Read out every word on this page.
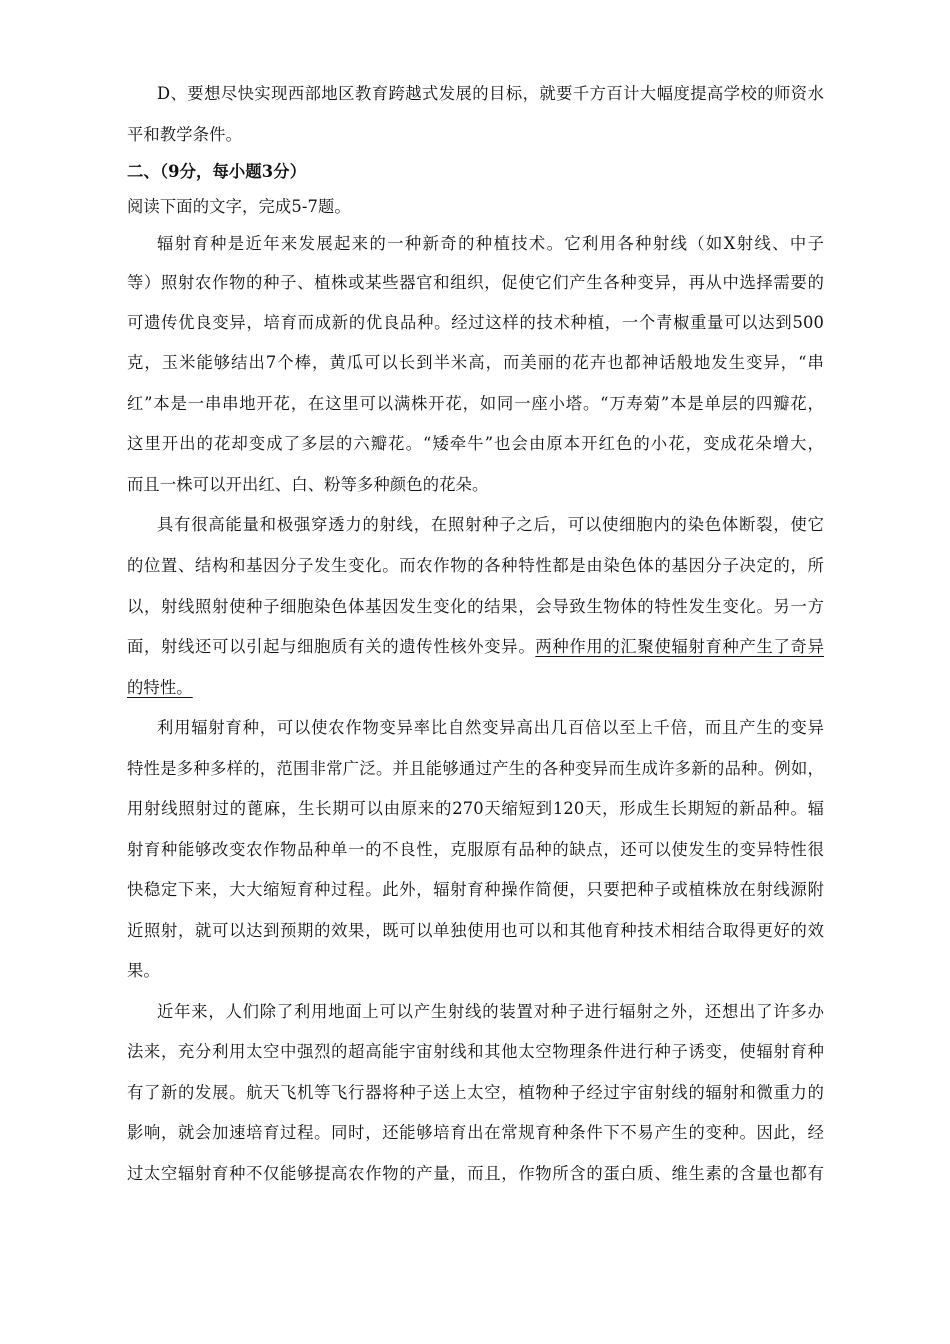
D、要想尽快实现西部地区教育跨越式发展的目标，就要千方百计大幅度提高学校的师资水
平和教学条件。
二、（9分，每小题3分）
阅读下面的文字，完成5-7题。
辐射育种是近年来发展起来的一种新奇的种植技术。它利用各种射线（如X射线、中子
等）照射农作物的种子、植株或某些器官和组织，促使它们产生各种变异，再从中选择需要的
可遗传优良变异，培育而成新的优良品种。经过这样的技术种植，一个青椒重量可以达到500
克，玉米能够结出7个棒，黄瓜可以长到半米高，而美丽的花卉也都神话般地发生变异，“串
红”本是一串串地开花，在这里可以满株开花，如同一座小塔。“万寿菊”本是单层的四瓣花，
这里开出的花却变成了多层的六瓣花。“矮牵牛”也会由原本开红色的小花，变成花朵增大，
而且一株可以开出红、白、粉等多种颜色的花朵。
具有很高能量和极强穿透力的射线，在照射种子之后，可以使细胞内的染色体断裂，使它
的位置、结构和基因分子发生变化。而农作物的各种特性都是由染色体的基因分子决定的，所
以，射线照射使种子细胞染色体基因发生变化的结果，会导致生物体的特性发生变化。另一方
面，射线还可以引起与细胞质有关的遗传性核外变异。两种作用的汇聚使辐射育种产生了奇异
的特性。
利用辐射育种，可以使农作物变异率比自然变异高出几百倍以至上千倍，而且产生的变异
特性是多种多样的，范围非常广泛。并且能够通过产生的各种变异而生成许多新的品种。例如，
用射线照射过的蓖麻，生长期可以由原来的270天缩短到120天，形成生长期短的新品种。辐
射育种能够改变农作物品种单一的不良性，克服原有品种的缺点，还可以使发生的变异特性很
快稳定下来，大大缩短育种过程。此外，辐射育种操作简便，只要把种子或植株放在射线源附
近照射，就可以达到预期的效果，既可以单独使用也可以和其他育种技术相结合取得更好的效
果。
近年来，人们除了利用地面上可以产生射线的装置对种子进行辐射之外，还想出了许多办
法来，充分利用太空中强烈的超高能宇宙射线和其他太空物理条件进行种子诱变，使辐射育种
有了新的发展。航天飞机等飞行器将种子送上太空，植物种子经过宇宙射线的辐射和微重力的
影响，就会加速培育过程。同时，还能够培育出在常规育种条件下不易产生的变种。因此，经
过太空辐射育种不仅能够提高农作物的产量，而且，作物所含的蛋白质、维生素的含量也都有
